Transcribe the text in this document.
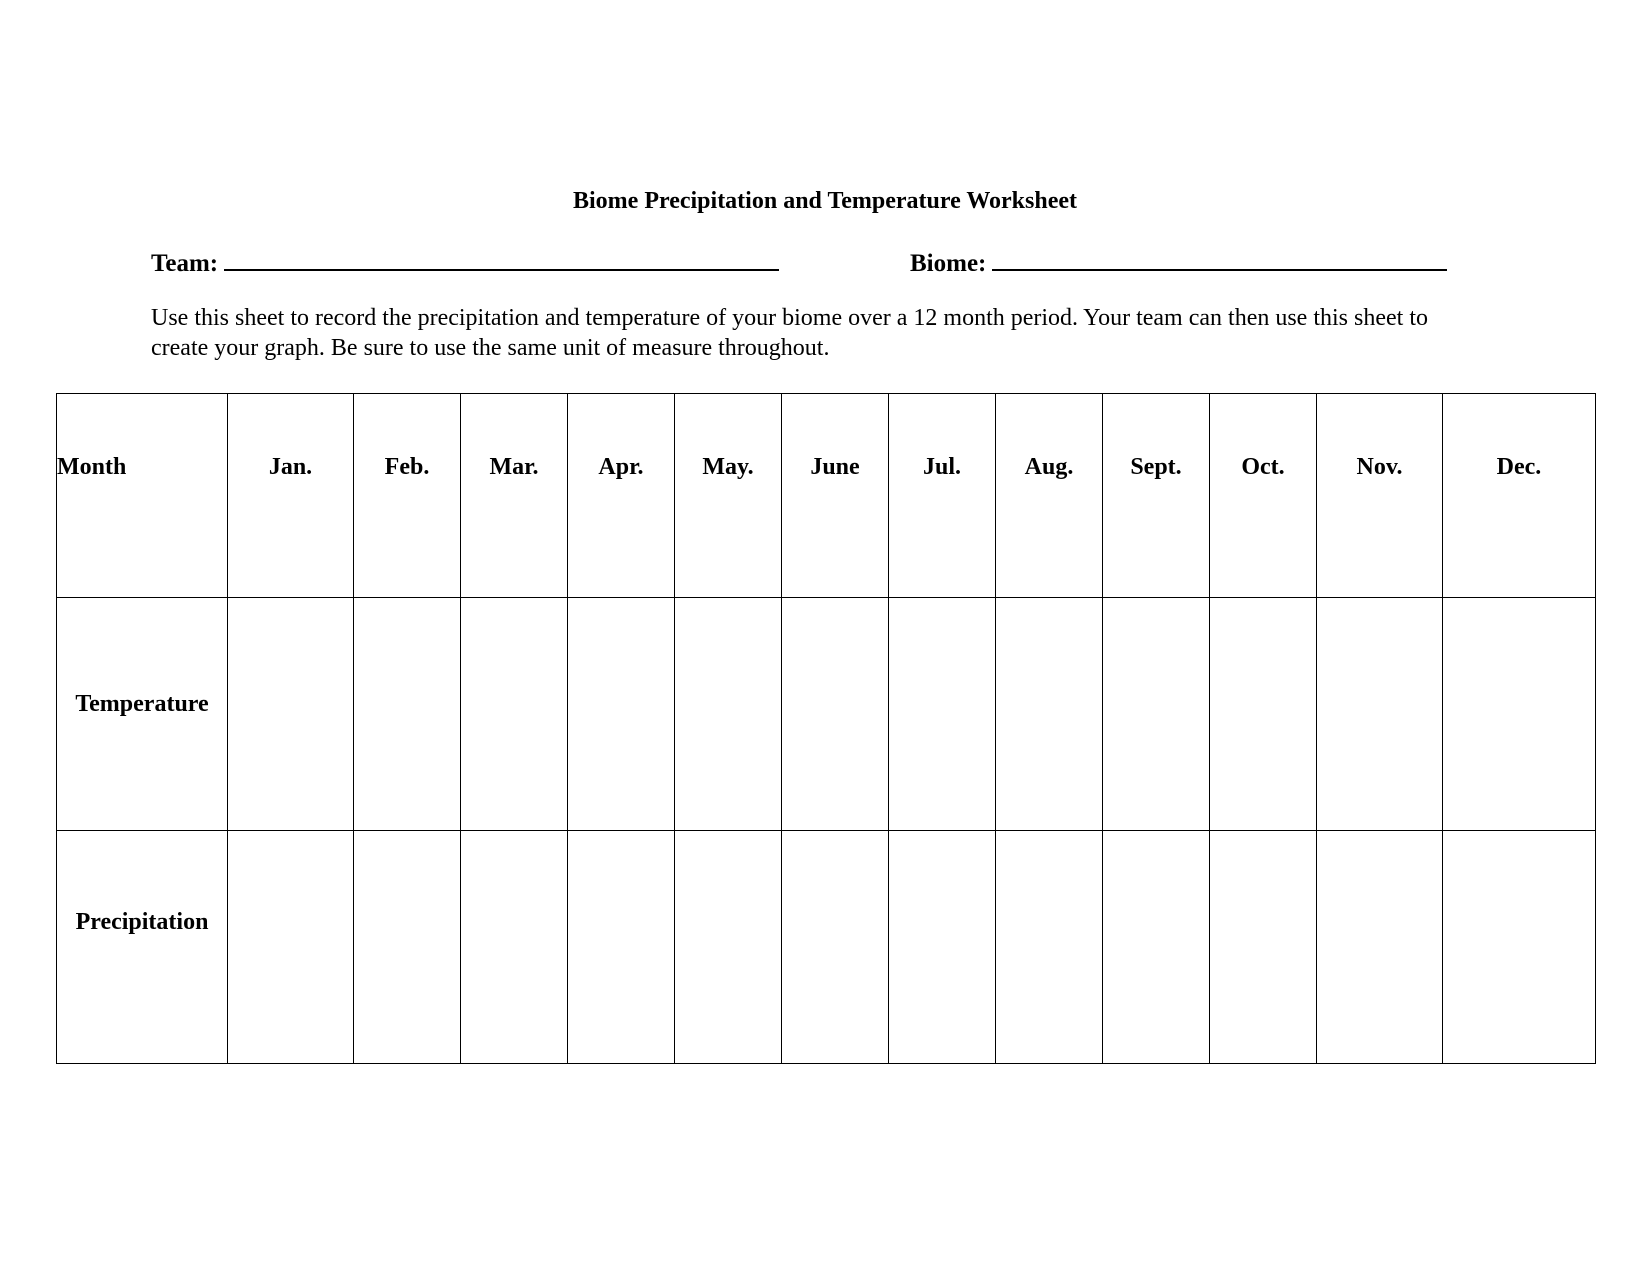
Biome Precipitation and Temperature Worksheet
Team:	Biome:
Use this sheet to record the precipitation and temperature of your biome over a 12 month period. Your team can then use this sheet to
create your graph. Be sure to use the same unit of measure throughout.
Month	Jan.	Feb.	Mar.	Apr.	May.	June	Jul.	Aug.	Sept.	Oct.	Nov.	Dec.
Temperature												
Precipitation												
